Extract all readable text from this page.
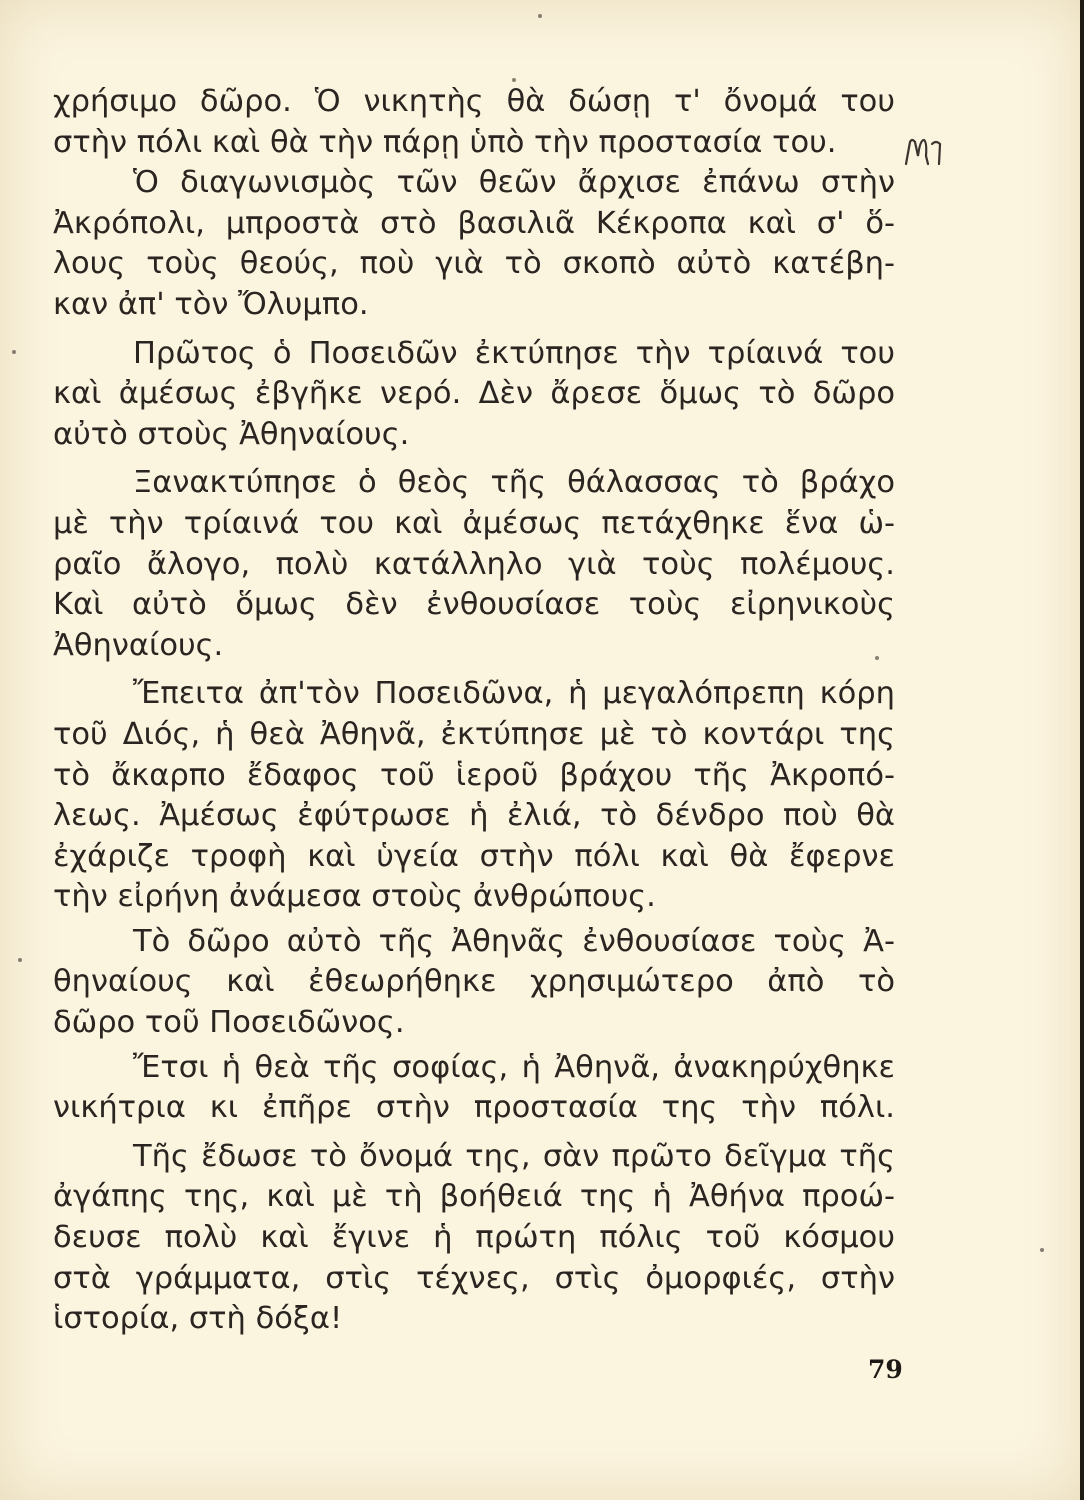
χρήσιμο δῶρο. Ὁ νικητὴς θὰ δώσῃ τ' ὄνομά του
στὴν πόλι καὶ θὰ τὴν πάρῃ ὑπὸ τὴν προστασία του.

Ὁ διαγωνισμὸς τῶν θεῶν ἄρχισε ἐπάνω στὴν
Ἀκρόπολι, μπροστὰ στὸ βασιλιᾶ Κέκροπα καὶ σ' ὅ-
λους τοὺς θεούς, ποὺ γιὰ τὸ σκοπὸ αὐτὸ κατέβη-
καν ἀπ' τὸν Ὄλυμπο.

Πρῶτος ὁ Ποσειδῶν ἐκτύπησε τὴν τρίαινά του
καὶ ἀμέσως ἐβγῆκε νερό. Δὲν ἄρεσε ὅμως τὸ δῶρο
αὐτὸ στοὺς Ἀθηναίους.

Ξανακτύπησε ὁ θεὸς τῆς θάλασσας τὸ βράχο
μὲ τὴν τρίαινά του καὶ ἀμέσως πετάχθηκε ἕνα ὡ-
ραῖο ἄλογο, πολὺ κατάλληλο γιὰ τοὺς πολέμους.
Καὶ αὐτὸ ὅμως δὲν ἐνθουσίασε τοὺς εἰρηνικοὺς
Ἀθηναίους.

Ἔπειτα ἀπ'τὸν Ποσειδῶνα, ἡ μεγαλόπρεπη κόρη
τοῦ Διός, ἡ θεὰ Ἀθηνᾶ, ἐκτύπησε μὲ τὸ κοντάρι της
τὸ ἄκαρπο ἔδαφος τοῦ ἱεροῦ βράχου τῆς Ἀκροπό-
λεως. Ἀμέσως ἐφύτρωσε ἡ ἐλιά, τὸ δένδρο ποὺ θὰ
ἐχάριζε τροφὴ καὶ ὑγεία στὴν πόλι καὶ θὰ ἔφερνε
τὴν εἰρήνη ἀνάμεσα στοὺς ἀνθρώπους.

Τὸ δῶρο αὐτὸ τῆς Ἀθηνᾶς ἐνθουσίασε τοὺς Ἀ-
θηναίους καὶ ἐθεωρήθηκε χρησιμώτερο ἀπὸ τὸ
δῶρο τοῦ Ποσειδῶνος.

Ἔτσι ἡ θεὰ τῆς σοφίας, ἡ Ἀθηνᾶ, ἀνακηρύχθηκε
νικήτρια κι ἐπῆρε στὴν προστασία της τὴν πόλι.

Τῆς ἔδωσε τὸ ὄνομά της, σὰν πρῶτο δεῖγμα τῆς
ἀγάπης της, καὶ μὲ τὴ βοήθειά της ἡ Ἀθήνα προώ-
δευσε πολὺ καὶ ἔγινε ἡ πρώτη πόλις τοῦ κόσμου
στὰ γράμματα, στὶς τέχνες, στὶς ὀμορφιές, στὴν
ἱστορία, στὴ δόξα!

79
